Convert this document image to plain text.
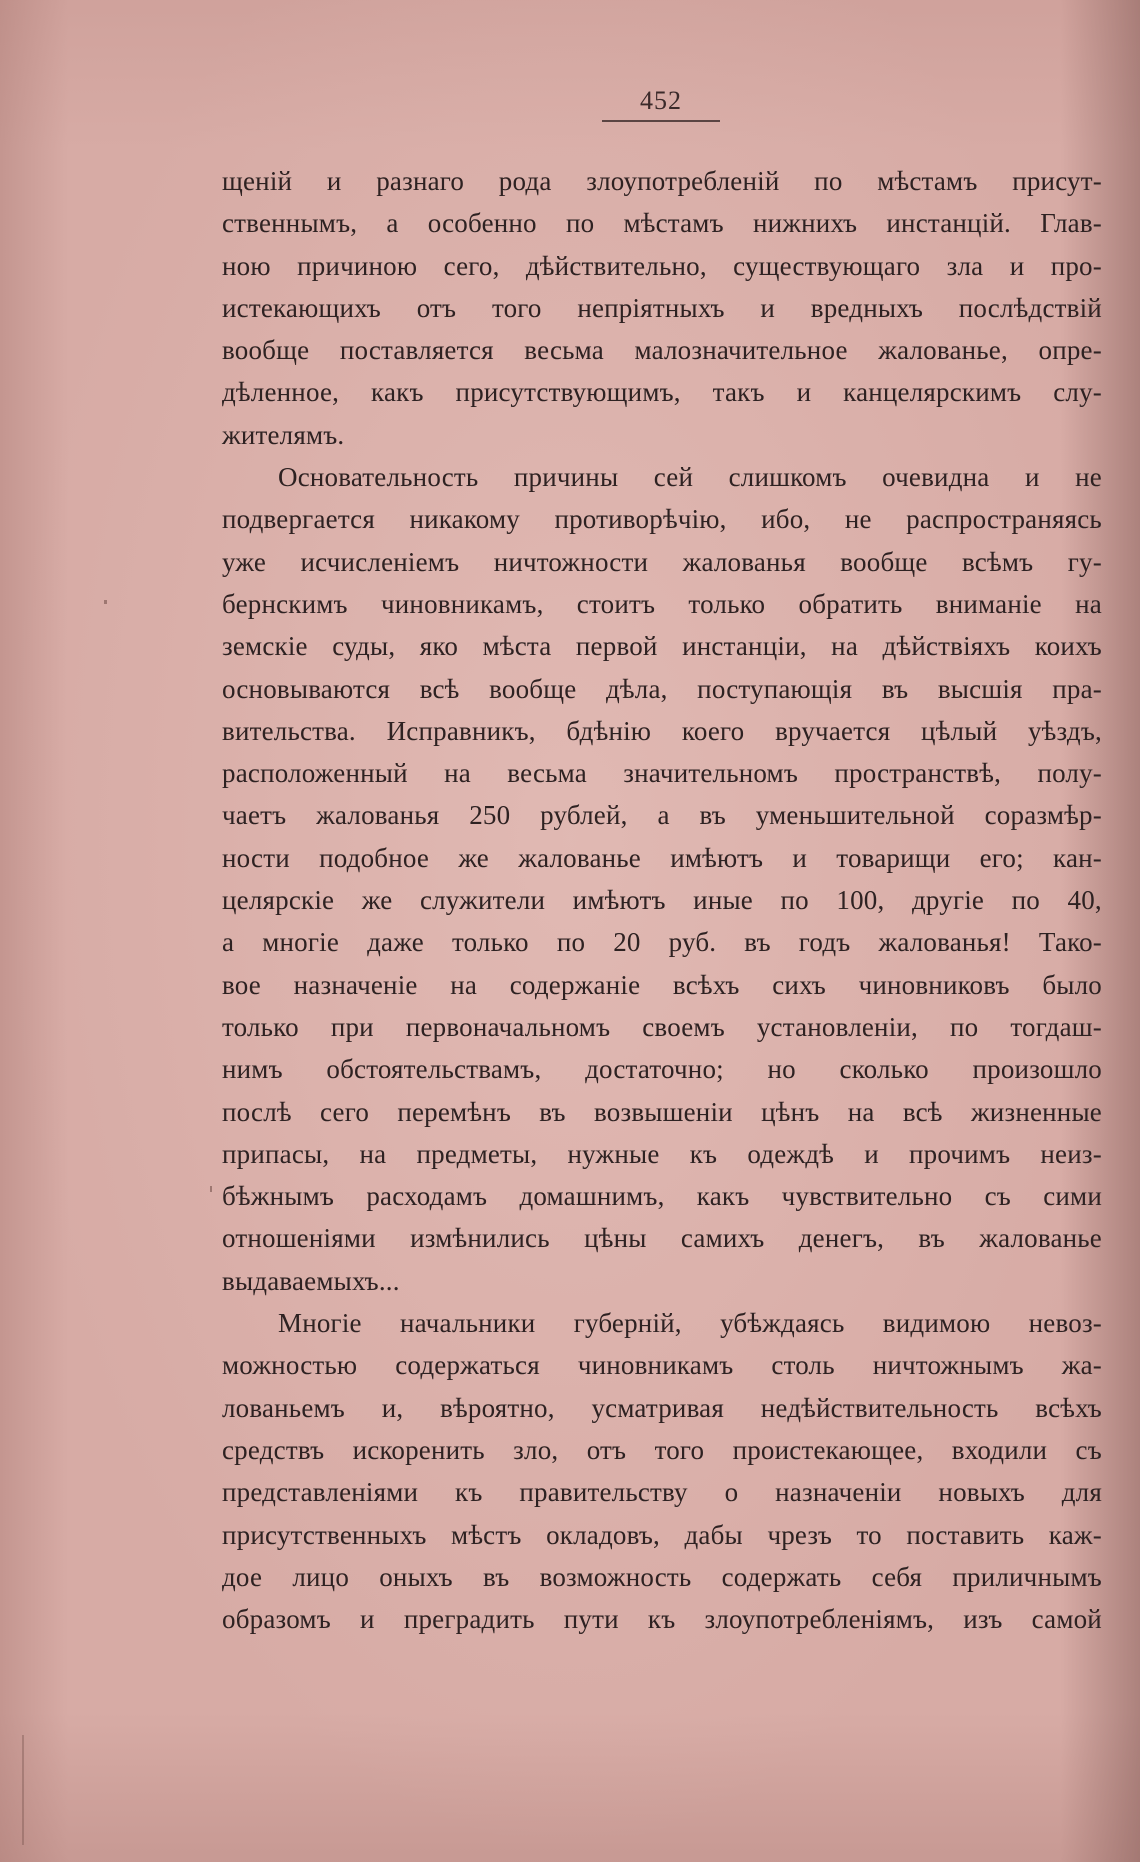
452
щеній и разнаго рода злоупотребленій по мѣстамъ присут-
ственнымъ, а особенно по мѣстамъ нижнихъ инстанцій. Глав-
ною причиною сего, дѣйствительно, существующаго зла и про-
истекающихъ отъ того непріятныхъ и вредныхъ послѣдствій
вообще поставляется весьма малозначительное жалованье, опре-
дѣленное, какъ присутствующимъ, такъ и канцелярскимъ слу-
жителямъ.
Основательность причины сей слишкомъ очевидна и не
подвергается никакому противорѣчію, ибо, не распространяясь
уже исчисленіемъ ничтожности жалованья вообще всѣмъ гу-
бернскимъ чиновникамъ, стоитъ только обратить вниманіе на
земскіе суды, яко мѣста первой инстанціи, на дѣйствіяхъ коихъ
основываются всѣ вообще дѣла, поступающія въ высшія пра-
вительства. Исправникъ, бдѣнію коего вручается цѣлый уѣздъ,
расположенный на весьма значительномъ пространствѣ, полу-
чаетъ жалованья 250 рублей, а въ уменьшительной соразмѣр-
ности подобное же жалованье имѣютъ и товарищи его; кан-
целярскіе же служители имѣютъ иные по 100, другіе по 40,
а многіе даже только по 20 руб. въ годъ жалованья! Тако-
вое назначеніе на содержаніе всѣхъ сихъ чиновниковъ было
только при первоначальномъ своемъ установленіи, по тогдаш-
нимъ обстоятельствамъ, достаточно; но сколько произошло
послѣ сего перемѣнъ въ возвышеніи цѣнъ на всѣ жизненные
припасы, на предметы, нужные къ одеждѣ и прочимъ неиз-
бѣжнымъ расходамъ домашнимъ, какъ чувствительно съ сими
отношеніями измѣнились цѣны самихъ денегъ, въ жалованье
выдаваемыхъ...
Многіе начальники губерній, убѣждаясь видимою невоз-
можностью содержаться чиновникамъ столь ничтожнымъ жа-
лованьемъ и, вѣроятно, усматривая недѣйствительность всѣхъ
средствъ искоренить зло, отъ того проистекающее, входили съ
представленіями къ правительству о назначеніи новыхъ для
присутственныхъ мѣстъ окладовъ, дабы чрезъ то поставить каж-
дое лицо оныхъ въ возможность содержать себя приличнымъ
образомъ и преградить пути къ злоупотребленіямъ, изъ самой
